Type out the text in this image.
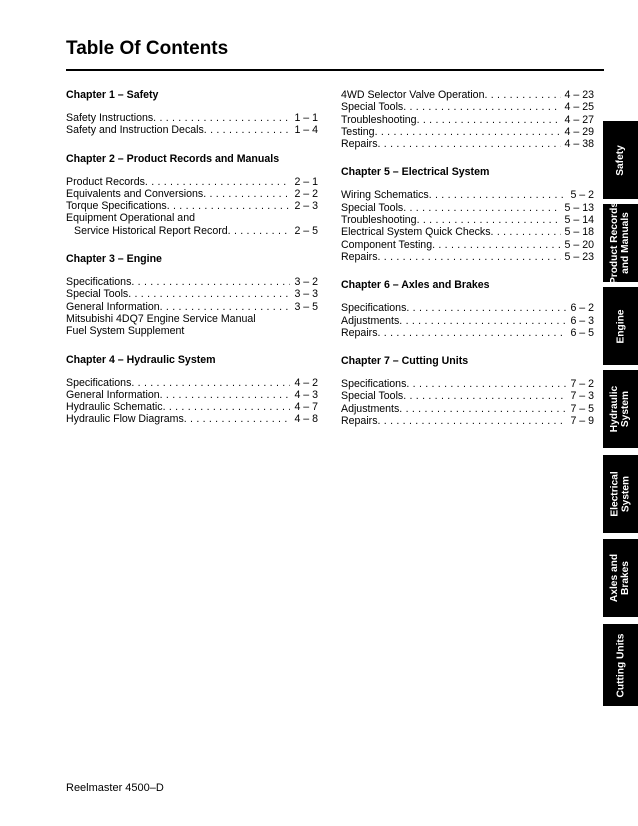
Table Of Contents
Chapter 1 – Safety
Safety Instructions . . .	1 – 1
Safety and Instruction Decals . . .	1 – 4
Chapter 2 – Product Records and Manuals
Product Records . . .	2 – 1
Equivalents and Conversions . . .	2 – 2
Torque Specifications . . .	2 – 3
Equipment Operational and
Service Historical Report Record . . .	2 – 5
Chapter 3 – Engine
Specifications . . .	3 – 2
Special Tools . . .	3 – 3
General Information . . .	3 – 5
Mitsubishi 4DQ7 Engine Service Manual
Fuel System Supplement
Chapter 4 – Hydraulic System
Specifications . . .	4 – 2
General Information . . .	4 – 3
Hydraulic Schematic . . .	4 – 7
Hydraulic Flow Diagrams . . .	4 – 8
4WD Selector Valve Operation . . .	4 – 23
Special Tools . . .	4 – 25
Troubleshooting . . .	4 – 27
Testing . . .	4 – 29
Repairs . . .	4 – 38
Chapter 5 – Electrical System
Wiring Schematics . . .	5 – 2
Special Tools . . .	5 – 13
Troubleshooting . . .	5 – 14
Electrical System Quick Checks . . .	5 – 18
Component Testing . . .	5 – 20
Repairs . . .	5 – 23
Chapter 6 – Axles and Brakes
Specifications . . .	6 – 2
Adjustments . . .	6 – 3
Repairs . . .	6 – 5
Chapter 7 – Cutting Units
Specifications . . .	7 – 2
Special Tools . . .	7 – 3
Adjustments . . .	7 – 5
Repairs . . .	7 – 9
Safety
Product Records
and Manuals
Engine
Hydraulic
System
Electrical
System
Axles and
Brakes
Cutting Units
Reelmaster 4500–D
